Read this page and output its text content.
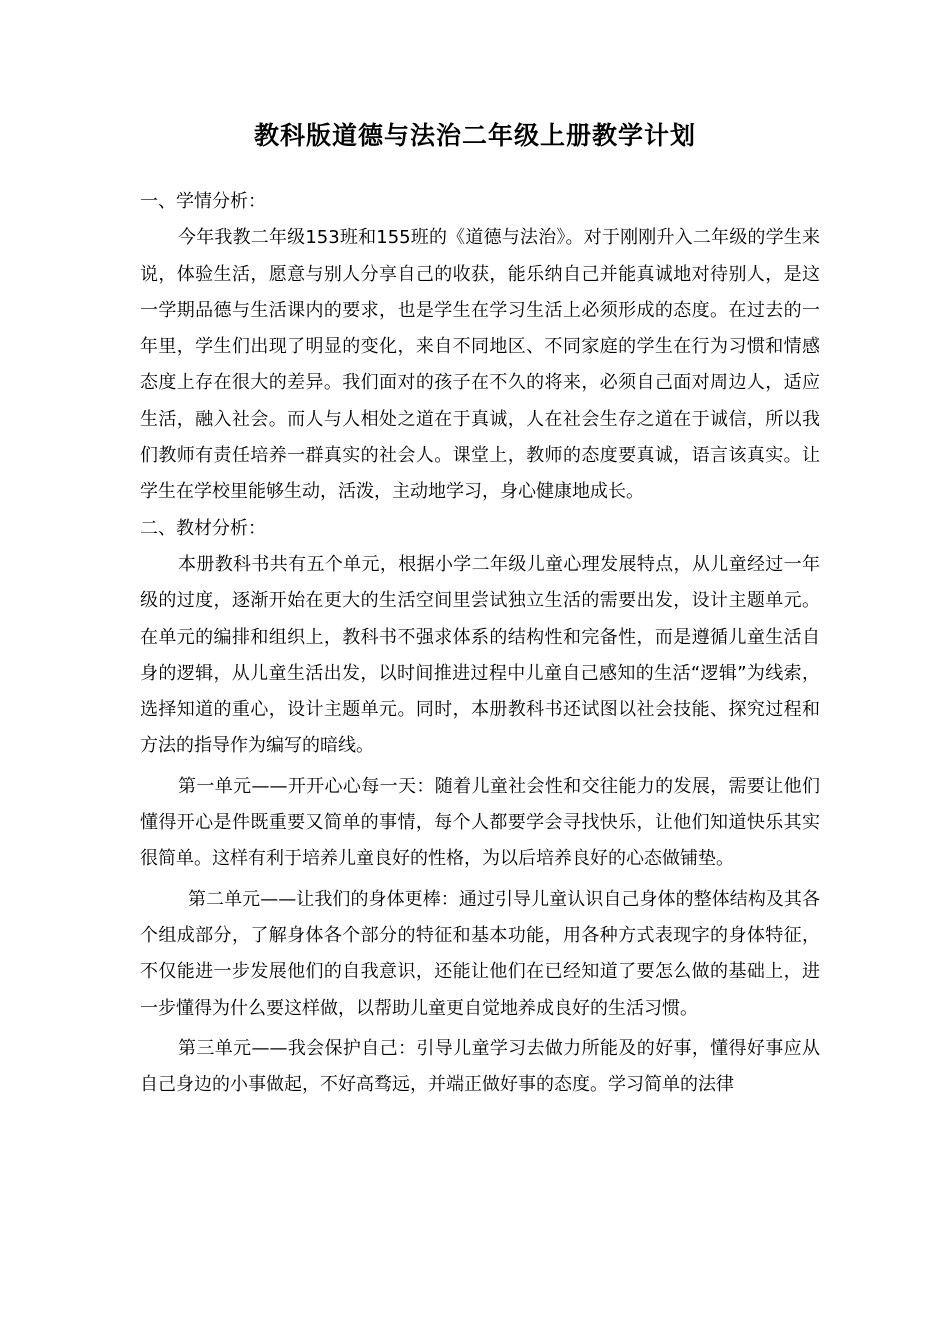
教科版道德与法治二年级上册教学计划

一、学情分析：

今年我教二年级153班和155班的《道德与法治》。对于刚刚升入二年级的学生来说，体验生活，愿意与别人分享自己的收获，能乐纳自己并能真诚地对待别人，是这一学期品德与生活课内的要求，也是学生在学习生活上必须形成的态度。在过去的一年里，学生们出现了明显的变化，来自不同地区、不同家庭的学生在行为习惯和情感态度上存在很大的差异。我们面对的孩子在不久的将来，必须自己面对周边人，适应生活，融入社会。而人与人相处之道在于真诚，人在社会生存之道在于诚信，所以我们教师有责任培养一群真实的社会人。课堂上，教师的态度要真诚，语言该真实。让学生在学校里能够生动，活泼，主动地学习，身心健康地成长。

二、教材分析：

本册教科书共有五个单元，根据小学二年级儿童心理发展特点，从儿童经过一年级的过度，逐渐开始在更大的生活空间里尝试独立生活的需要出发，设计主题单元。在单元的编排和组织上，教科书不强求体系的结构性和完备性，而是遵循儿童生活自身的逻辑，从儿童生活出发，以时间推进过程中儿童自己感知的生活“逻辑”为线索，选择知道的重心，设计主题单元。同时，本册教科书还试图以社会技能、探究过程和方法的指导作为编写的暗线。

第一单元——开开心心每一天：随着儿童社会性和交往能力的发展，需要让他们懂得开心是件既重要又简单的事情，每个人都要学会寻找快乐，让他们知道快乐其实很简单。这样有利于培养儿童良好的性格，为以后培养良好的心态做铺垫。

第二单元——让我们的身体更棒：通过引导儿童认识自己身体的整体结构及其各个组成部分，了解身体各个部分的特征和基本功能，用各种方式表现字的身体特征，不仅能进一步发展他们的自我意识，还能让他们在已经知道了要怎么做的基础上，进一步懂得为什么要这样做，以帮助儿童更自觉地养成良好的生活习惯。

第三单元——我会保护自己：引导儿童学习去做力所能及的好事，懂得好事应从自己身边的小事做起，不好高骛远，并端正做好事的态度。学习简单的法律
